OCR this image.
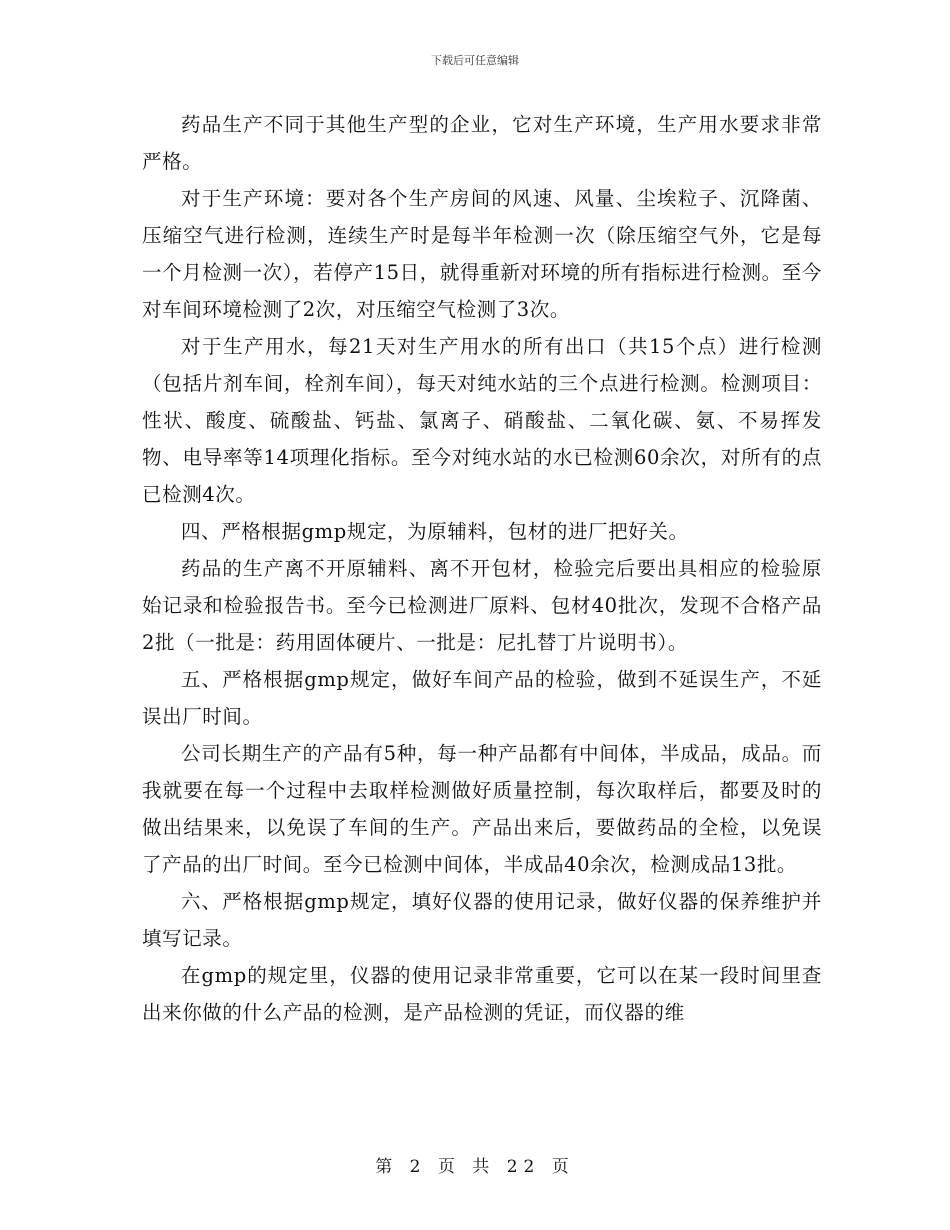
下载后可任意编辑

药品生产不同于其他生产型的企业，它对生产环境，生产用水要求非常严格。

对于生产环境：要对各个生产房间的风速、风量、尘埃粒子、沉降菌、压缩空气进行检测，连续生产时是每半年检测一次（除压缩空气外，它是每一个月检测一次），若停产15日，就得重新对环境的所有指标进行检测。至今对车间环境检测了2次，对压缩空气检测了3次。

对于生产用水，每21天对生产用水的所有出口（共15个点）进行检测（包括片剂车间，栓剂车间），每天对纯水站的三个点进行检测。检测项目：性状、酸度、硫酸盐、钙盐、氯离子、硝酸盐、二氧化碳、氨、不易挥发物、电导率等14项理化指标。至今对纯水站的水已检测60余次，对所有的点已检测4次。

四、严格根据gmp规定，为原辅料，包材的进厂把好关。

药品的生产离不开原辅料、离不开包材，检验完后要出具相应的检验原始记录和检验报告书。至今已检测进厂原料、包材40批次，发现不合格产品2批（一批是：药用固体硬片、一批是：尼扎替丁片说明书）。

五、严格根据gmp规定，做好车间产品的检验，做到不延误生产，不延误出厂时间。

公司长期生产的产品有5种，每一种产品都有中间体，半成品，成品。而我就要在每一个过程中去取样检测做好质量控制，每次取样后，都要及时的做出结果来，以免误了车间的生产。产品出来后，要做药品的全检，以免误了产品的出厂时间。至今已检测中间体，半成品40余次，检测成品13批。

六、严格根据gmp规定，填好仪器的使用记录，做好仪器的保养维护并填写记录。

在gmp的规定里，仪器的使用记录非常重要，它可以在某一段时间里查出来你做的什么产品的检测，是产品检测的凭证，而仪器的维

第 2 页 共 22 页
